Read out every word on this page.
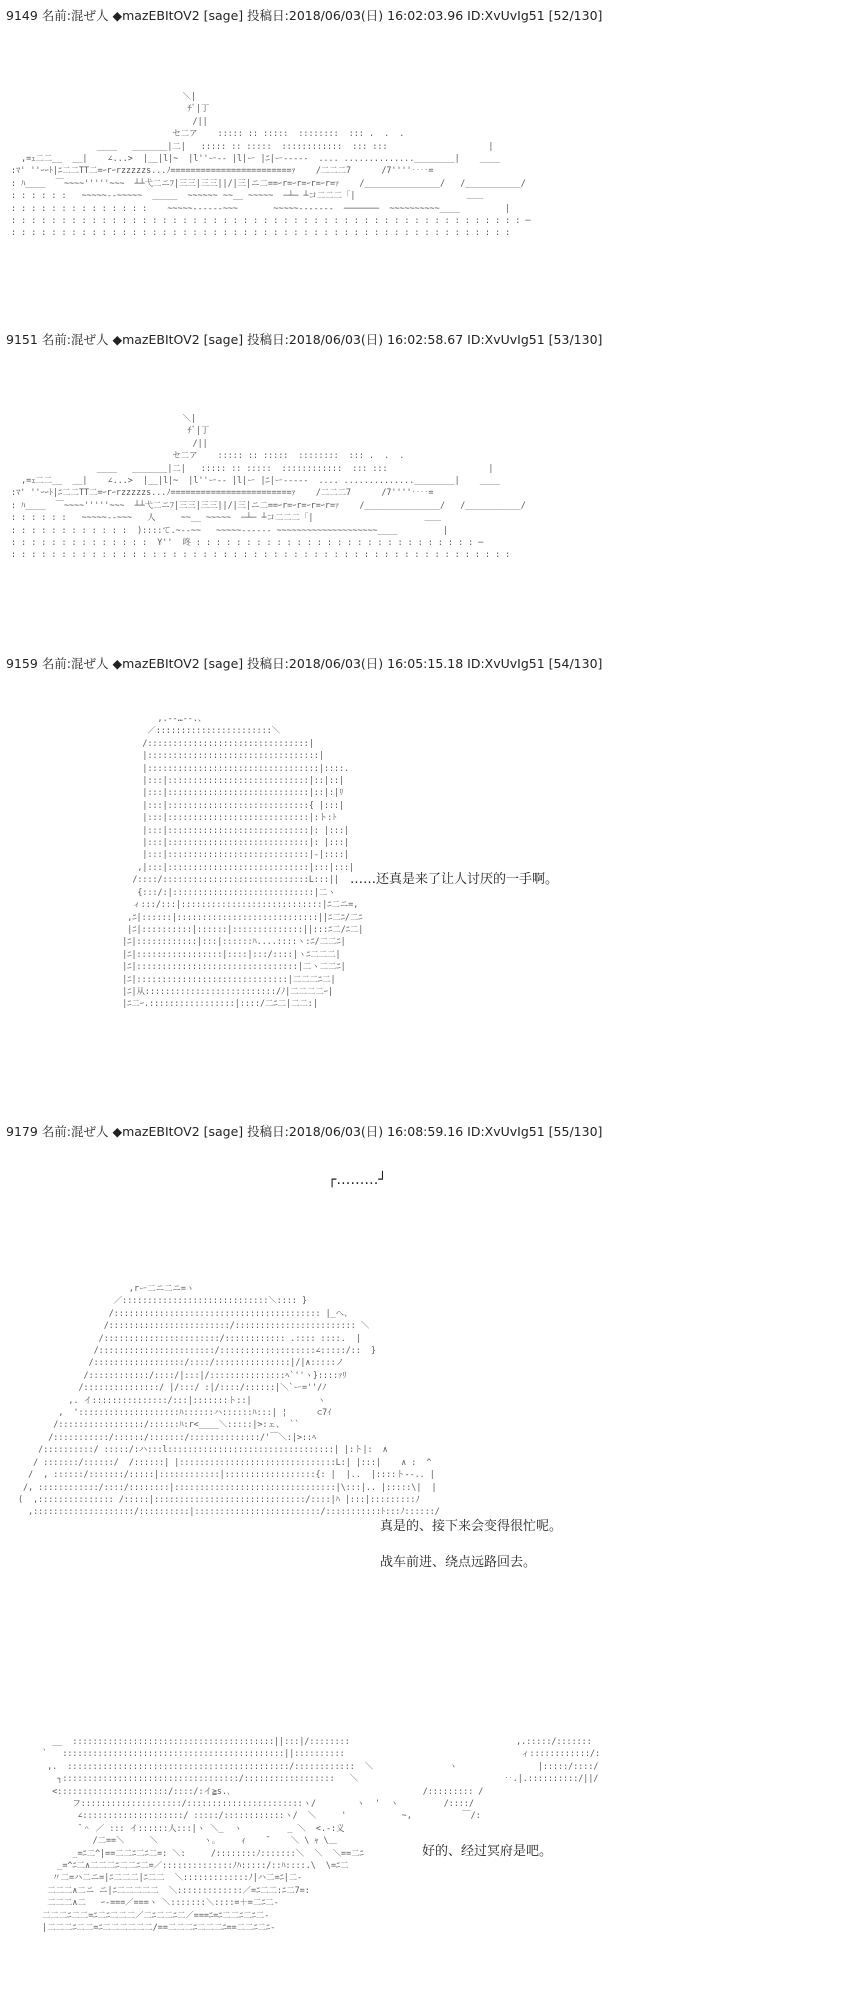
9149 名前:混ぜ人 ◆mazEBItOV2 [sage] 投稿日:2018/06/03(日) 16:02:03.96 ID:XvUvIg51 [52/130]
＼|
ﾁﾞ|丁
/||
セ二ア    ::::: :: :::::  ::::::::  ::: .  .  .
____   _______|二|   ::::: :: :::::  ::::::::::::  ::: :::                    |
,=ｪ二二__  __|    ∠...>  |__|l|~  |l''ー-- |l|ー |ﾆ|ー-----  .... ..............________|    ____
:ﾏ' ''ｰｰﾄ|ﾆ二二TT二=ｰrｰrzzzzzs...ﾉ========================ｧ    /二二二7      /7''''‥‥=
: ﾊ____  ￣~~~~'''''~~~  ┴┴弋二ニﾌ|三三|三三||/|三|ニ二==ｰr=ｰr=ｰr=ｰr=ｧ    /_______________/   /___________/
: : : : : :   ~~~~~--~~~~~  _____  ~~~~~~ ~~__ ~~~~~  ─┴─ ┴コ二二二「|                      ＿＿
: : : : : : : : : : : : : :    ~~~~~------~~~       ~~~~~-------  ───────  ~~~~~~~~~~____         |
: : : : : : : : : : : : : : : : : : : : : : : : : : : : : : : : : : : : : : : : : : : : : : : : : : : ─
: : : : : : : : : : : : : : : : : : : : : : : : : : : : : : : : : : : : : : : : : : : : : : : : : :
9151 名前:混ぜ人 ◆mazEBItOV2 [sage] 投稿日:2018/06/03(日) 16:02:58.67 ID:XvUvIg51 [53/130]
＼|
ﾁﾞ|丁
/||
セ二ア    ::::: :: :::::  ::::::::  ::: .  .  .
____   _______|二|   ::::: :: :::::  ::::::::::::  ::: :::                    |
,=ｪ二二__  __|    ∠...>  |__|l|~  |l''ー-- |l|ー |ﾆ|ー-----  .... ..............________|    ____
:ﾏ' ''ｰｰﾄ|ﾆ二二TT二=ｰrｰrzzzzzs...ﾉ========================ｧ    /二二二7      /7''''‥‥=
: ﾊ____  ￣~~~~'''''~~~  ┴┴弋二ニﾌ|三三|三三||/|三|ニ二==ｰr=ｰr=ｰr=ｰr=ｧ    /_______________/   /___________/
: : : : : :   ~~~~~--~~~   人     ~~__ ~~~~~  ─┴─ ┴コ二二二「|                      ＿＿
: : : : : : : : : : : :  )::::て.~--~~   ~~~~~------ ~~~~~~~~~~~~~~~~~~~~____         |
: : : : : : : : : : : : : :  Y''  咚 : : : : : : : : : : : : : : : : : : : : : : : : : : : : ─
: : : : : : : : : : : : : : : : : : : : : : : : : : : : : : : : : : : : : : : : : : : : : : : : : :
9159 名前:混ぜ人 ◆mazEBItOV2 [sage] 投稿日:2018/06/03(日) 16:05:15.18 ID:XvUvIg51 [54/130]
,.-‐…‐-.、
／:::::::::::::::::::::::＼
/::::::::::::::::::::::::::::::::|
|::::::::::::::::::::::::::::::::::|
|::::::::::::::::::::::::::::::::::|::::.
|:::|::::::::::::::::::::::::::::|::|::|
|:::|::::::::::::::::::::::::::::|::|:|ﾘ
|:::|::::::::::::::::::::::::::::{ |:::|
|:::|::::::::::::::::::::::::::::|:ト:ﾄ
|:::|::::::::::::::::::::::::::::|: |:::|
|:::|::::::::::::::::::::::::::::|: |:::|
|:::|::::::::::::::::::::::::::::|-|::::|
,|:::|::::::::::::::::::::::::::::|:::|:::|
/::::/:::::::::::::::::::::::::::::L:::||
{:::/:|::::::::::::::::::::::::::::|二ヽ
ィ:::/:::|::::::::::::::::::::::::::::|ﾆ二ニ=,
,ﾆ|::::::|::::::::::::::::::::::::::::||ﾆ二ﾆ/二ﾆ
|ﾆ|::::::::::|::::::|::::::::::::::||:::ﾆ二/ﾆ二|
|ﾆ|::::::::::::|:::|::::::ﾊ....::::ヽ:ﾆ/二二ﾆ|
|ﾆ|:::::::::::::::::|::::|:::/::::|ヽﾆ二二二|
|ﾆ|::::::::::::::::::::::::::::::::|二ヽ二二ﾆ|
|ﾆ|::::::::::::::::::::::::::::::|二二二ﾆ二|
|ﾆ|从::::::::::::::::::::::::::/ﾉ|二二二二ｰ|
|ﾆ二ｰ.:::::::::::::::::|::::/二ﾆ二|二二:|
……还真是来了让人讨厌的一手啊。
9179 名前:混ぜ人 ◆mazEBItOV2 [sage] 投稿日:2018/06/03(日) 16:08:59.16 ID:XvUvIg51 [55/130]
┌………┘
,rー二ニ二ニ=ヽ
／:::::::::::::::::::::::::::::＼:::: }
/::::::::::::::::::::::::::::::::::::::::: |_へ、
/::::::::::::::::::::::::/:::::::::::::::::::::::: ＼
/:::::::::::::::::::::::/:::::::::::: .:::: ::::.  |
/:::::::::::::::::::::::/:::::::::::::::::::∠:::::/::  }
/::::::::::::::::::/::::/:::::::::::::::|/|∧:::::ノ
/::::::::::::/::::/|:::|/:::::::::::::::ﾍ`''ヽ}::::ｧﾘ
/:::::::::::::::/ |/:::/ :|/::::/::::::|＼`ー=''/ﾉ
,. イ:::::::::::::::/:::|:::::::ト::|             ヽ
,  '::::::::::::::::::::ﾊ::::::ハ::::::ﾊ:::| ¦      ⊂7ｲ
/:::::::::::::::::/::::::ﾊ:r<____＼:::::|>:ェ、 ``
/:::::::::::/::::::/:::::::/::::::::::::::/'￣＼:|>::ﾍ
/::::::::::/ :::::/:ハ:::l:::::::::::::::::::::::::::::::::| |:ト|:  ∧
/ :::::::/::::::/  /::::::| |:::::::::::::::::::::::::::::::L:| |:::|    ∧ :  ^
/  , ::::::/:::::::/:::::|::::::::::::|::::::::::::::::::{: |  |..  |::::ト--.. |
/, ::::::::::::/::::/::::::::|::::::::::::::::::::::::::::::::|\:::|.. |:::::\|  |
(  ,::::::::::::::: /:::::|::::::::::::::::::::::::::::::/::::|ﾊ |:::|:::::::::ﾉ
,::::::::::::::::::::/::::::::::|:::::::::::::::::::::::::/:::::::::::ﾄ:::ﾉ::::::/
真是的、接下来会变得很忙呢。
战车前进、绕点远路回去。
__  ::::::::::::::::::::::::::::::::::::::::||:::|/::::::::                                 ,.:::::/:::::::
`   ::::::::::::::::::::::::::::::::::::::::::::||::::::::::                                   ィ::::::::::::/:
,.  ::::::::::::::::::::::::::::::::::::::::::::/::::::::::::  ＼               ヽ                |:::::/::::/
┐:::::::::::::::::::::::::::::::::::/::::::::::::::::::   ＼                             ‥.|.::::::::::/||/
<::::::::::::::::::::::/::::/:イ≧s.､                                      /::::::::: /
フ::::::::::::::::::::/:::::::::::::::::::::::ヽ/        ヽ  '  ヽ         /::::/
∠::::::::::::::::::::/ :::::/::::::::::::ヽ/  ＼     '           ~,          ￣/:
̄ ＾ ／ ::: イ::::::人:::|ヽ ＼_  ヽ         _ ＼  <.-:义
/二==＼     ＼         ヽ｡     ｨ    ¯    ＼ \ ｬ \＿
_=ﾆ二^|==二二ﾆ二ﾆ二=: ＼:     /::::::::ﾉ:::::::＼  ＼  ＼==二ﾆ
_=^ﾆ二∧二二二ﾆ二二ﾆ二=／::::::::::::::ﾉﾊ:::::/::ﾊ::::.\  \=ﾆ二
〃二=ハ二ニ=|ﾆ二二二|ﾆ二二  ＼:::::::::::::ﾉ|ハ二=ﾆ|二-
二二二∧二ニ ニ|ﾆ二二二二二  ＼:::::::::::::／=ﾆ二二:ﾆ二7=:
二二二∧二   ｰ-===／===ヽ ＼:::::::＼::::=＋=二ﾆ二-
二二二ﾆ二二=ﾆ二ﾆ二二二／二ﾆ二二ﾆ二／===ﾆ=ﾆ二二ﾆ二ﾆ二-
|二二二ﾆ二二=ﾆ二二二二二二/==二二二ﾆ二二二ﾆ==二二ﾆ二ﾆ-
好的、经过冥府是吧。
